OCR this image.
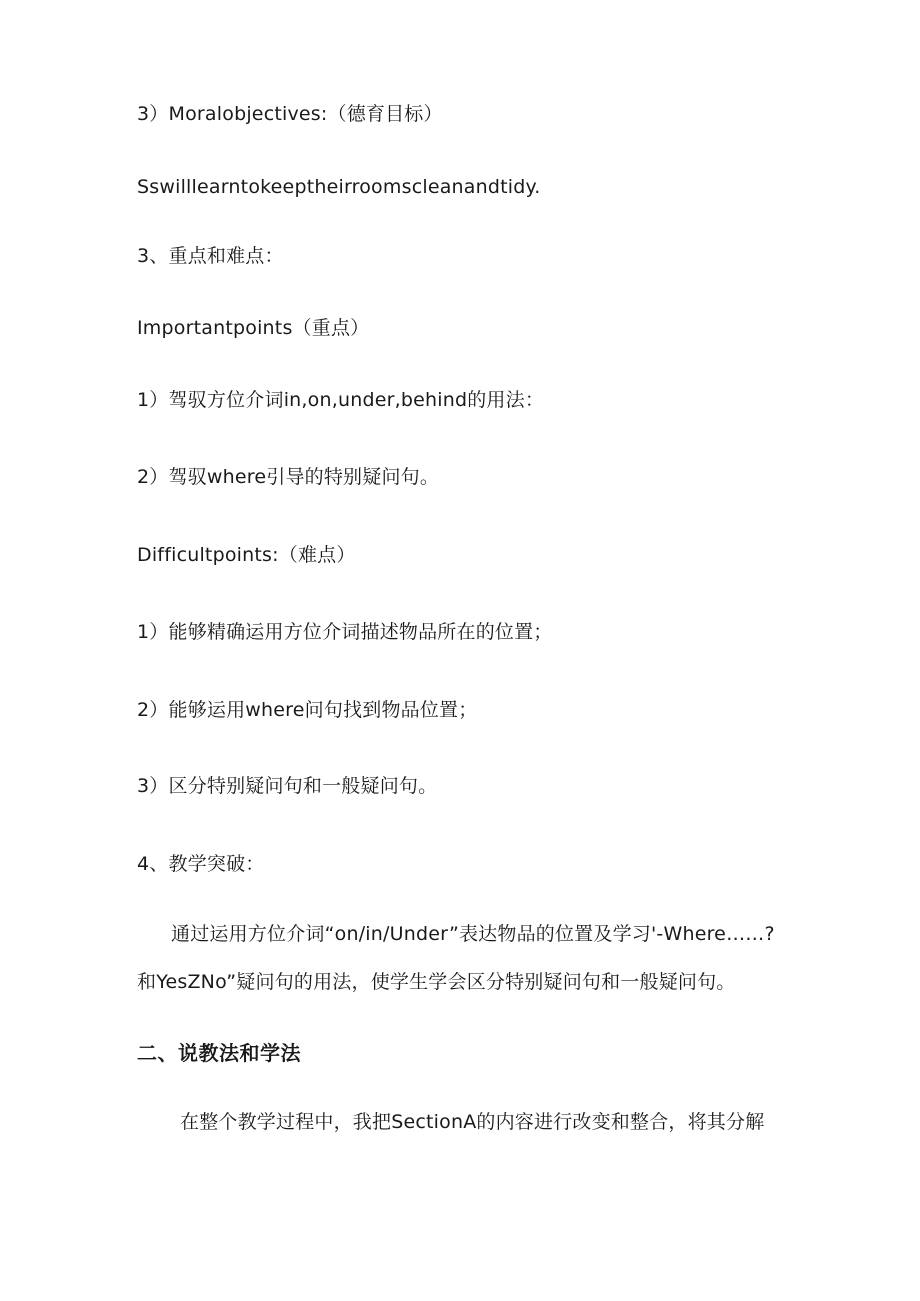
3）Moralobjectives:（德育目标）
Sswilllearntokeeptheirroomscleanandtidy.
3、重点和难点：
Importantpoints（重点）
1）驾驭方位介词in,on,under,behind的用法：
2）驾驭where引导的特别疑问句。
Difficultpoints:（难点）
1）能够精确运用方位介词描述物品所在的位置；
2）能够运用where问句找到物品位置；
3）区分特别疑问句和一般疑问句。
4、教学突破：
通过运用方位介词“on∕in∕Under”表达物品的位置及学习'-Where……?
和YesZNo”疑问句的用法，使学生学会区分特别疑问句和一般疑问句。
二、说教法和学法
在整个教学过程中，我把SectionA的内容进行改变和整合，将其分解
